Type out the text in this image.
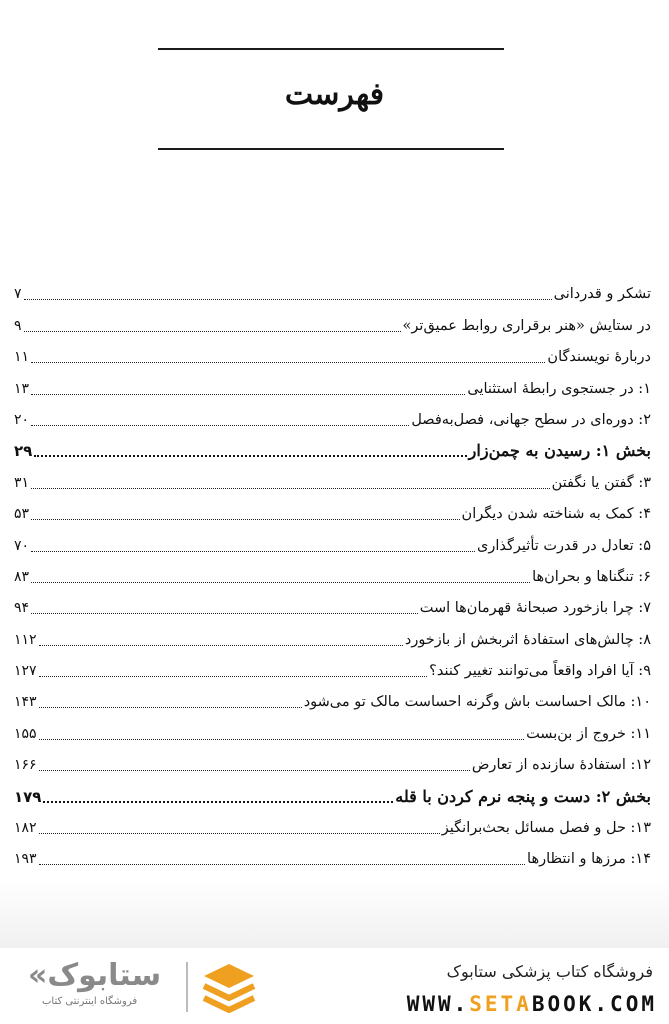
فهرست
تشکر و قدردانی
۷
در ستایش «هنر برقراری روابط عمیق‌تر»
۹
دربارهٔ نویسندگان
۱۱
۱: در جستجوی رابطهٔ استثنایی
۱۳
۲: دوره‌ای در سطح جهانی، فصل‌به‌فصل
۲۰
بخش ۱: رسیدن به چمن‌زار
۲۹
۳: گفتن یا نگفتن
۳۱
۴: کمک به شناخته شدن دیگران
۵۳
۵: تعادل در قدرت تأثیرگذاری
۷۰
۶: تنگناها و بحران‌ها
۸۳
۷: چرا بازخورد صبحانهٔ قهرمان‌ها است
۹۴
۸: چالش‌های استفادهٔ اثربخش از بازخورد
۱۱۲
۹: آیا افراد واقعاً می‌توانند تغییر کنند؟
۱۲۷
۱۰: مالک احساست باش و‌گرنه احساست مالک تو می‌شود
۱۴۳
۱۱: خروج از بن‌بست
۱۵۵
۱۲: استفادهٔ سازنده از تعارض
۱۶۶
بخش ۲: دست و پنجه نرم کردن با قله
۱۷۹
۱۳: حل و فصل مسائل بحث‌برانگیز
۱۸۲
۱۴: مرزها و انتظارها
۱۹۳
ستابوک»
فروشگاه اینترنتی کتاب
فروشگاه کتاب پزشکی ستابوک
WWW.SETABOOK.COM
